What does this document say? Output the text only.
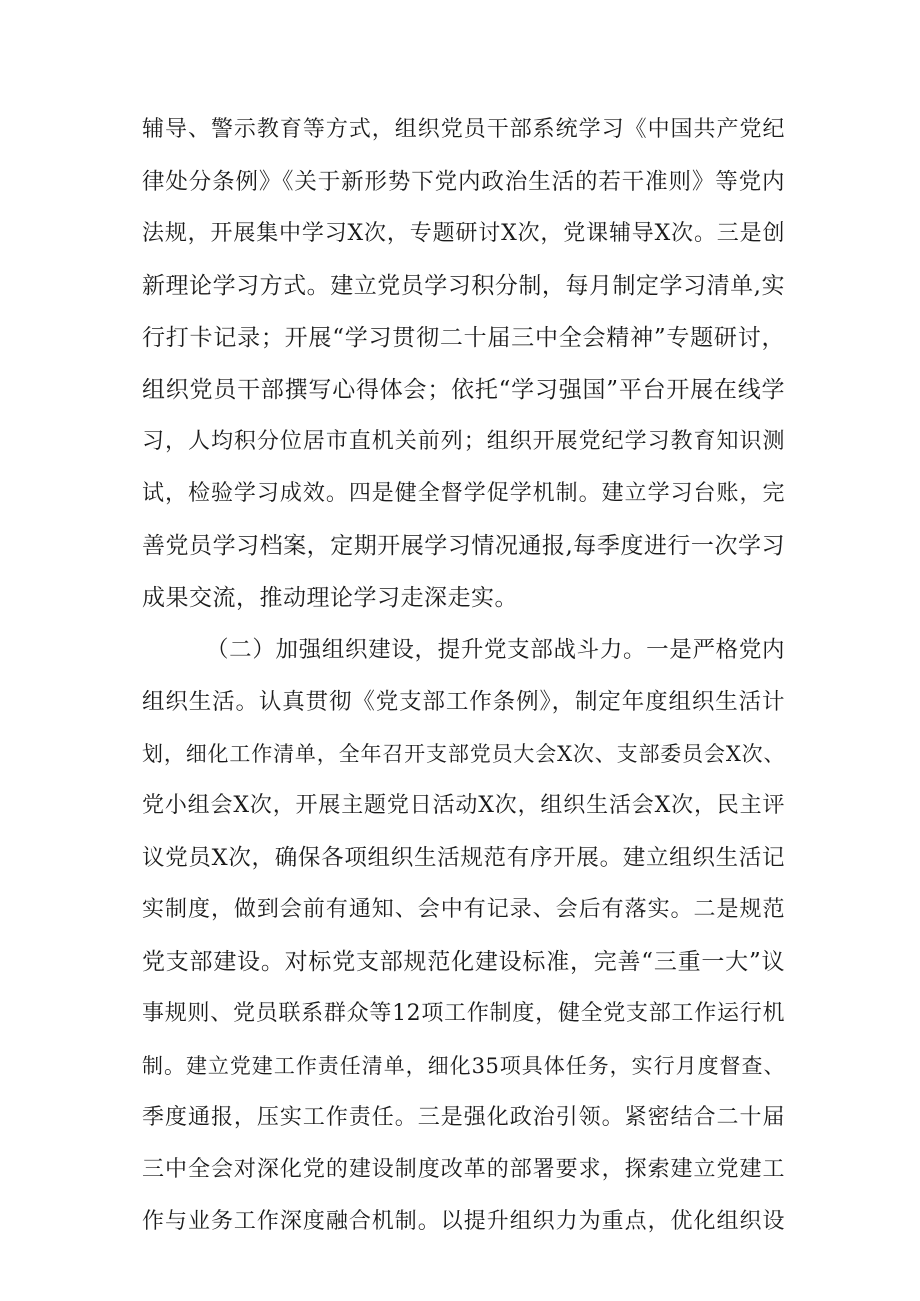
辅导、警示教育等方式，组织党员干部系统学习《中国共产党纪
律处分条例》《关于新形势下党内政治生活的若干准则》等党内
法规，开展集中学习X次，专题研讨X次，党课辅导X次。三是创
新理论学习方式。建立党员学习积分制，每月制定学习清单,实
行打卡记录；开展“学习贯彻二十届三中全会精神”专题研讨，
组织党员干部撰写心得体会；依托“学习强国”平台开展在线学
习，人均积分位居市直机关前列；组织开展党纪学习教育知识测
试，检验学习成效。四是健全督学促学机制。建立学习台账，完
善党员学习档案，定期开展学习情况通报,每季度进行一次学习
成果交流，推动理论学习走深走实。
（二）加强组织建设，提升党支部战斗力。一是严格党内
组织生活。认真贯彻《党支部工作条例》，制定年度组织生活计
划，细化工作清单，全年召开支部党员大会X次、支部委员会X次、
党小组会X次，开展主题党日活动X次，组织生活会X次，民主评
议党员X次，确保各项组织生活规范有序开展。建立组织生活记
实制度，做到会前有通知、会中有记录、会后有落实。二是规范
党支部建设。对标党支部规范化建设标准，完善“三重一大”议
事规则、党员联系群众等12项工作制度，健全党支部工作运行机
制。建立党建工作责任清单，细化35项具体任务，实行月度督查、
季度通报，压实工作责任。三是强化政治引领。紧密结合二十届
三中全会对深化党的建设制度改革的部署要求，探索建立党建工
作与业务工作深度融合机制。以提升组织力为重点，优化组织设
